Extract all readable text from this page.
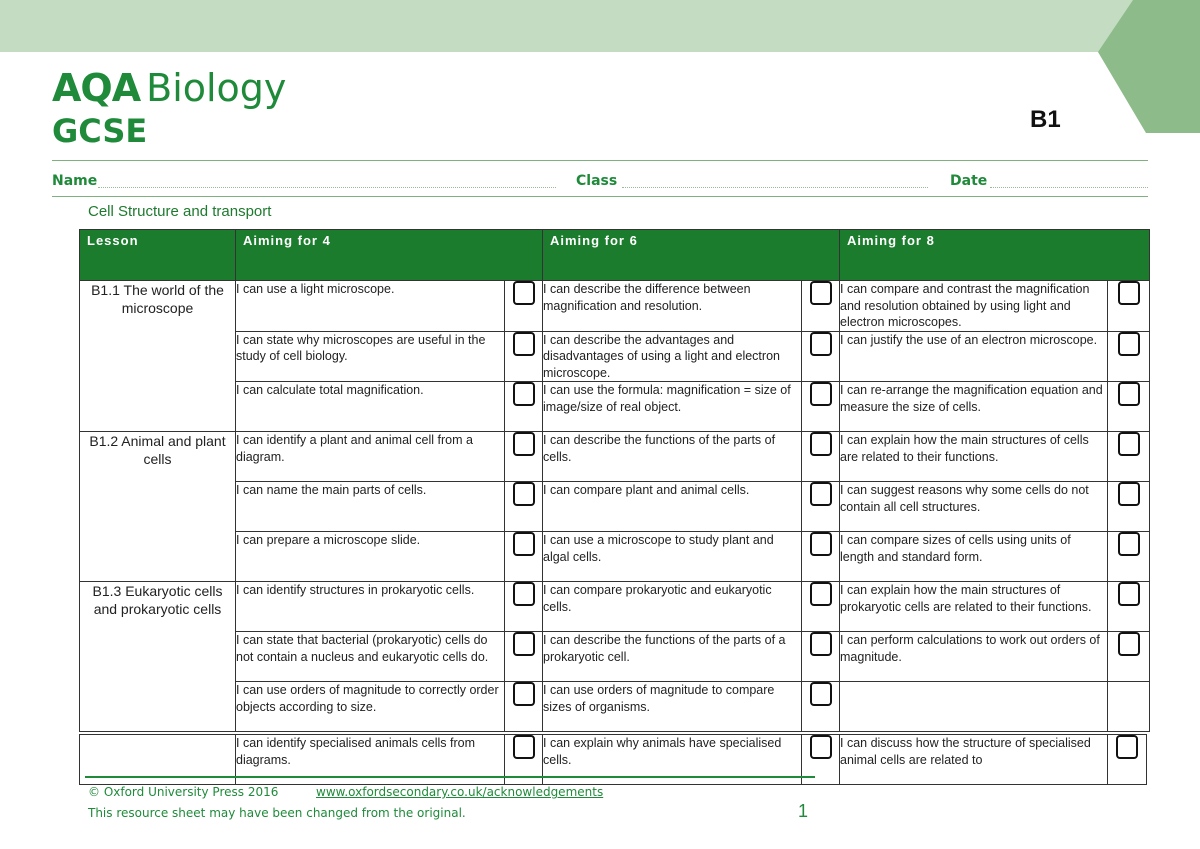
AQA Biology
GCSE	B1
Name	Class	Date
Cell Structure and transport
Lesson	Aiming for 4		Aiming for 6		Aiming for 8	
B1.1 The world of the microscope	I can use a light microscope.		I can describe the difference between magnification and resolution.		I can compare and contrast the magnification and resolution obtained by using light and electron microscopes.	
	I can state why microscopes are useful in the study of cell biology.		I can describe the advantages and disadvantages of using a light and electron microscope.		I can justify the use of an electron microscope.	
	I can calculate total magnification.		I can use the formula: magnification = size of image/size of real object.		I can re-arrange the magnification equation and measure the size of cells.	
B1.2 Animal and plant cells	I can identify a plant and animal cell from a diagram.		I can describe the functions of the parts of cells.		I can explain how the main structures of cells are related to their functions.	
	I can name the main parts of cells.		I can compare plant and animal cells.		I can suggest reasons why some cells do not contain all cell structures.	
	I can prepare a microscope slide.		I can use a microscope to study plant and algal cells.		I can compare sizes of cells using units of length and standard form.	
B1.3 Eukaryotic cells and prokaryotic cells	I can identify structures in prokaryotic cells.		I can compare prokaryotic and eukaryotic cells.		I can explain how the main structures of prokaryotic cells are related to their functions.	
	I can state that bacterial (prokaryotic) cells do not contain a nucleus and eukaryotic cells do.		I can describe the functions of the parts of a prokaryotic cell.		I can perform calculations to work out orders of magnitude.	
	I can use orders of magnitude to correctly order objects according to size.		I can use orders of magnitude to compare sizes of organisms.			
	I can identify specialised animals cells from diagrams.		I can explain why animals have specialised cells.		I can discuss how the structure of specialised animal cells are related to	
© Oxford University Press 2016	www.oxfordsecondary.co.uk/acknowledgements
This resource sheet may have been changed from the original.	1
